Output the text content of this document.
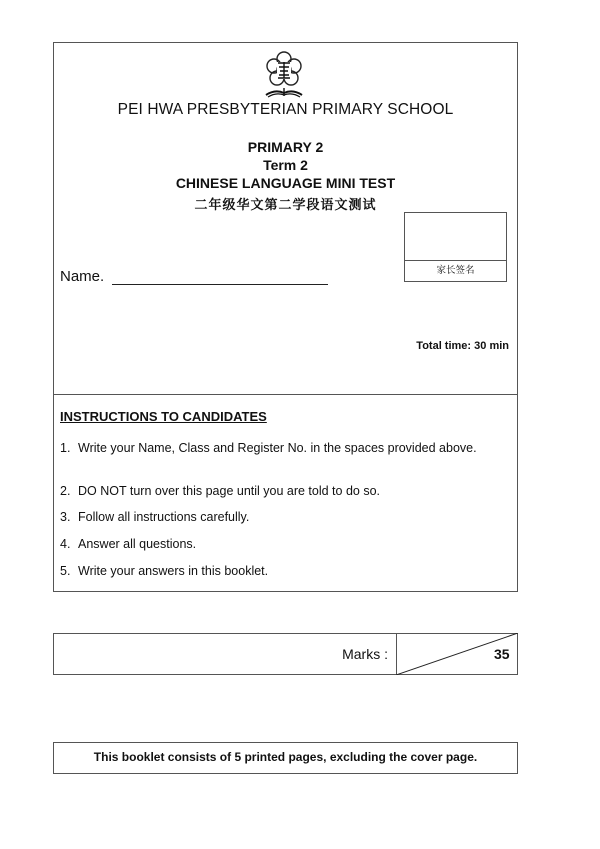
PEI HWA PRESBYTERIAN PRIMARY SCHOOL
PRIMARY 2
Term 2
CHINESE LANGUAGE MINI TEST
二年级华文第二学段语文测试
Name.	家长签名
Total time: 30 min
INSTRUCTIONS TO CANDIDATES
1. Write your Name, Class and Register No. in the spaces provided above.
2. DO NOT turn over this page until you are told to do so.
3. Follow all instructions carefully.
4. Answer all questions.
5. Write your answers in this booklet.
Marks :	35
This booklet consists of 5 printed pages, excluding the cover page.
